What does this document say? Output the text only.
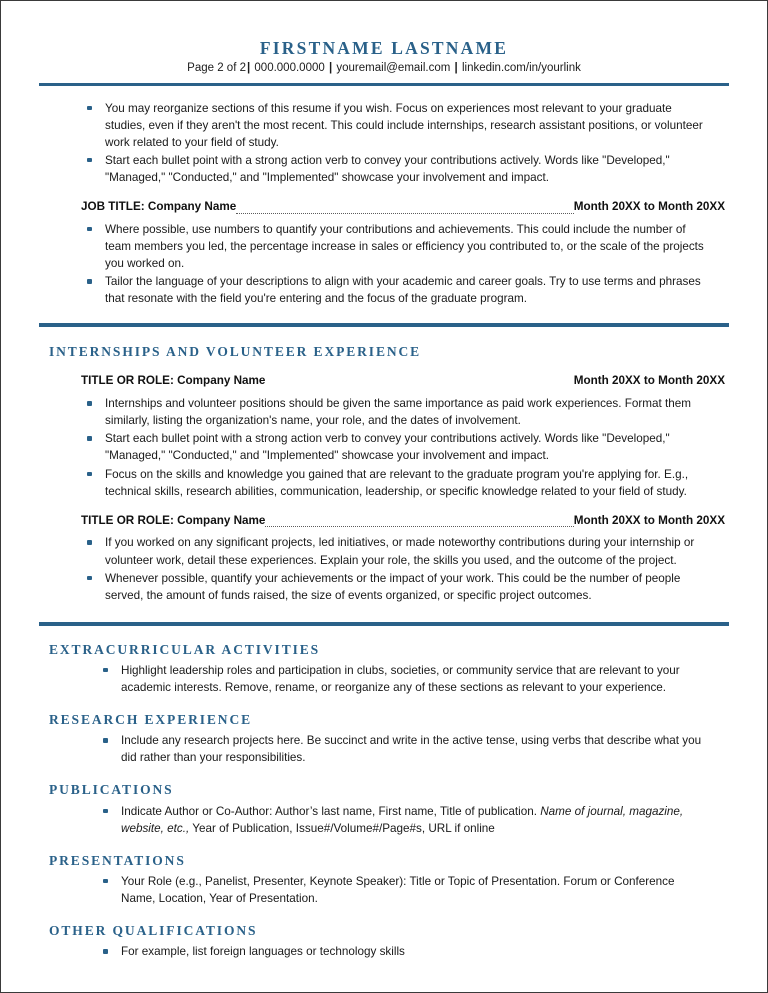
FIRSTNAME LASTNAME
Page 2 of 2| 000.000.0000 | youremail@email.com | linkedin.com/in/yourlink
You may reorganize sections of this resume if you wish. Focus on experiences most relevant to your graduate studies, even if they aren't the most recent. This could include internships, research assistant positions, or volunteer work related to your field of study.
Start each bullet point with a strong action verb to convey your contributions actively. Words like "Developed," "Managed," "Conducted," and "Implemented" showcase your involvement and impact.
JOB TITLE: Company Name	Month 20XX to Month 20XX
Where possible, use numbers to quantify your contributions and achievements. This could include the number of team members you led, the percentage increase in sales or efficiency you contributed to, or the scale of the projects you worked on.
Tailor the language of your descriptions to align with your academic and career goals. Try to use terms and phrases that resonate with the field you're entering and the focus of the graduate program.
INTERNSHIPS AND VOLUNTEER EXPERIENCE
TITLE OR ROLE: Company Name	Month 20XX to Month 20XX
Internships and volunteer positions should be given the same importance as paid work experiences. Format them similarly, listing the organization's name, your role, and the dates of involvement.
Start each bullet point with a strong action verb to convey your contributions actively. Words like "Developed," "Managed," "Conducted," and "Implemented" showcase your involvement and impact.
Focus on the skills and knowledge you gained that are relevant to the graduate program you're applying for. E.g., technical skills, research abilities, communication, leadership, or specific knowledge related to your field of study.
TITLE OR ROLE: Company Name	Month 20XX to Month 20XX
If you worked on any significant projects, led initiatives, or made noteworthy contributions during your internship or volunteer work, detail these experiences. Explain your role, the skills you used, and the outcome of the project.
Whenever possible, quantify your achievements or the impact of your work. This could be the number of people served, the amount of funds raised, the size of events organized, or specific project outcomes.
EXTRACURRICULAR ACTIVITIES
Highlight leadership roles and participation in clubs, societies, or community service that are relevant to your academic interests. Remove, rename, or reorganize any of these sections as relevant to your experience.
RESEARCH EXPERIENCE
Include any research projects here. Be succinct and write in the active tense, using verbs that describe what you did rather than your responsibilities.
PUBLICATIONS
Indicate Author or Co-Author: Author’s last name, First name, Title of publication. Name of journal, magazine, website, etc., Year of Publication, Issue#/Volume#/Page#s, URL if online
PRESENTATIONS
Your Role (e.g., Panelist, Presenter, Keynote Speaker): Title or Topic of Presentation. Forum or Conference Name, Location, Year of Presentation.
OTHER QUALIFICATIONS
For example, list foreign languages or technology skills
